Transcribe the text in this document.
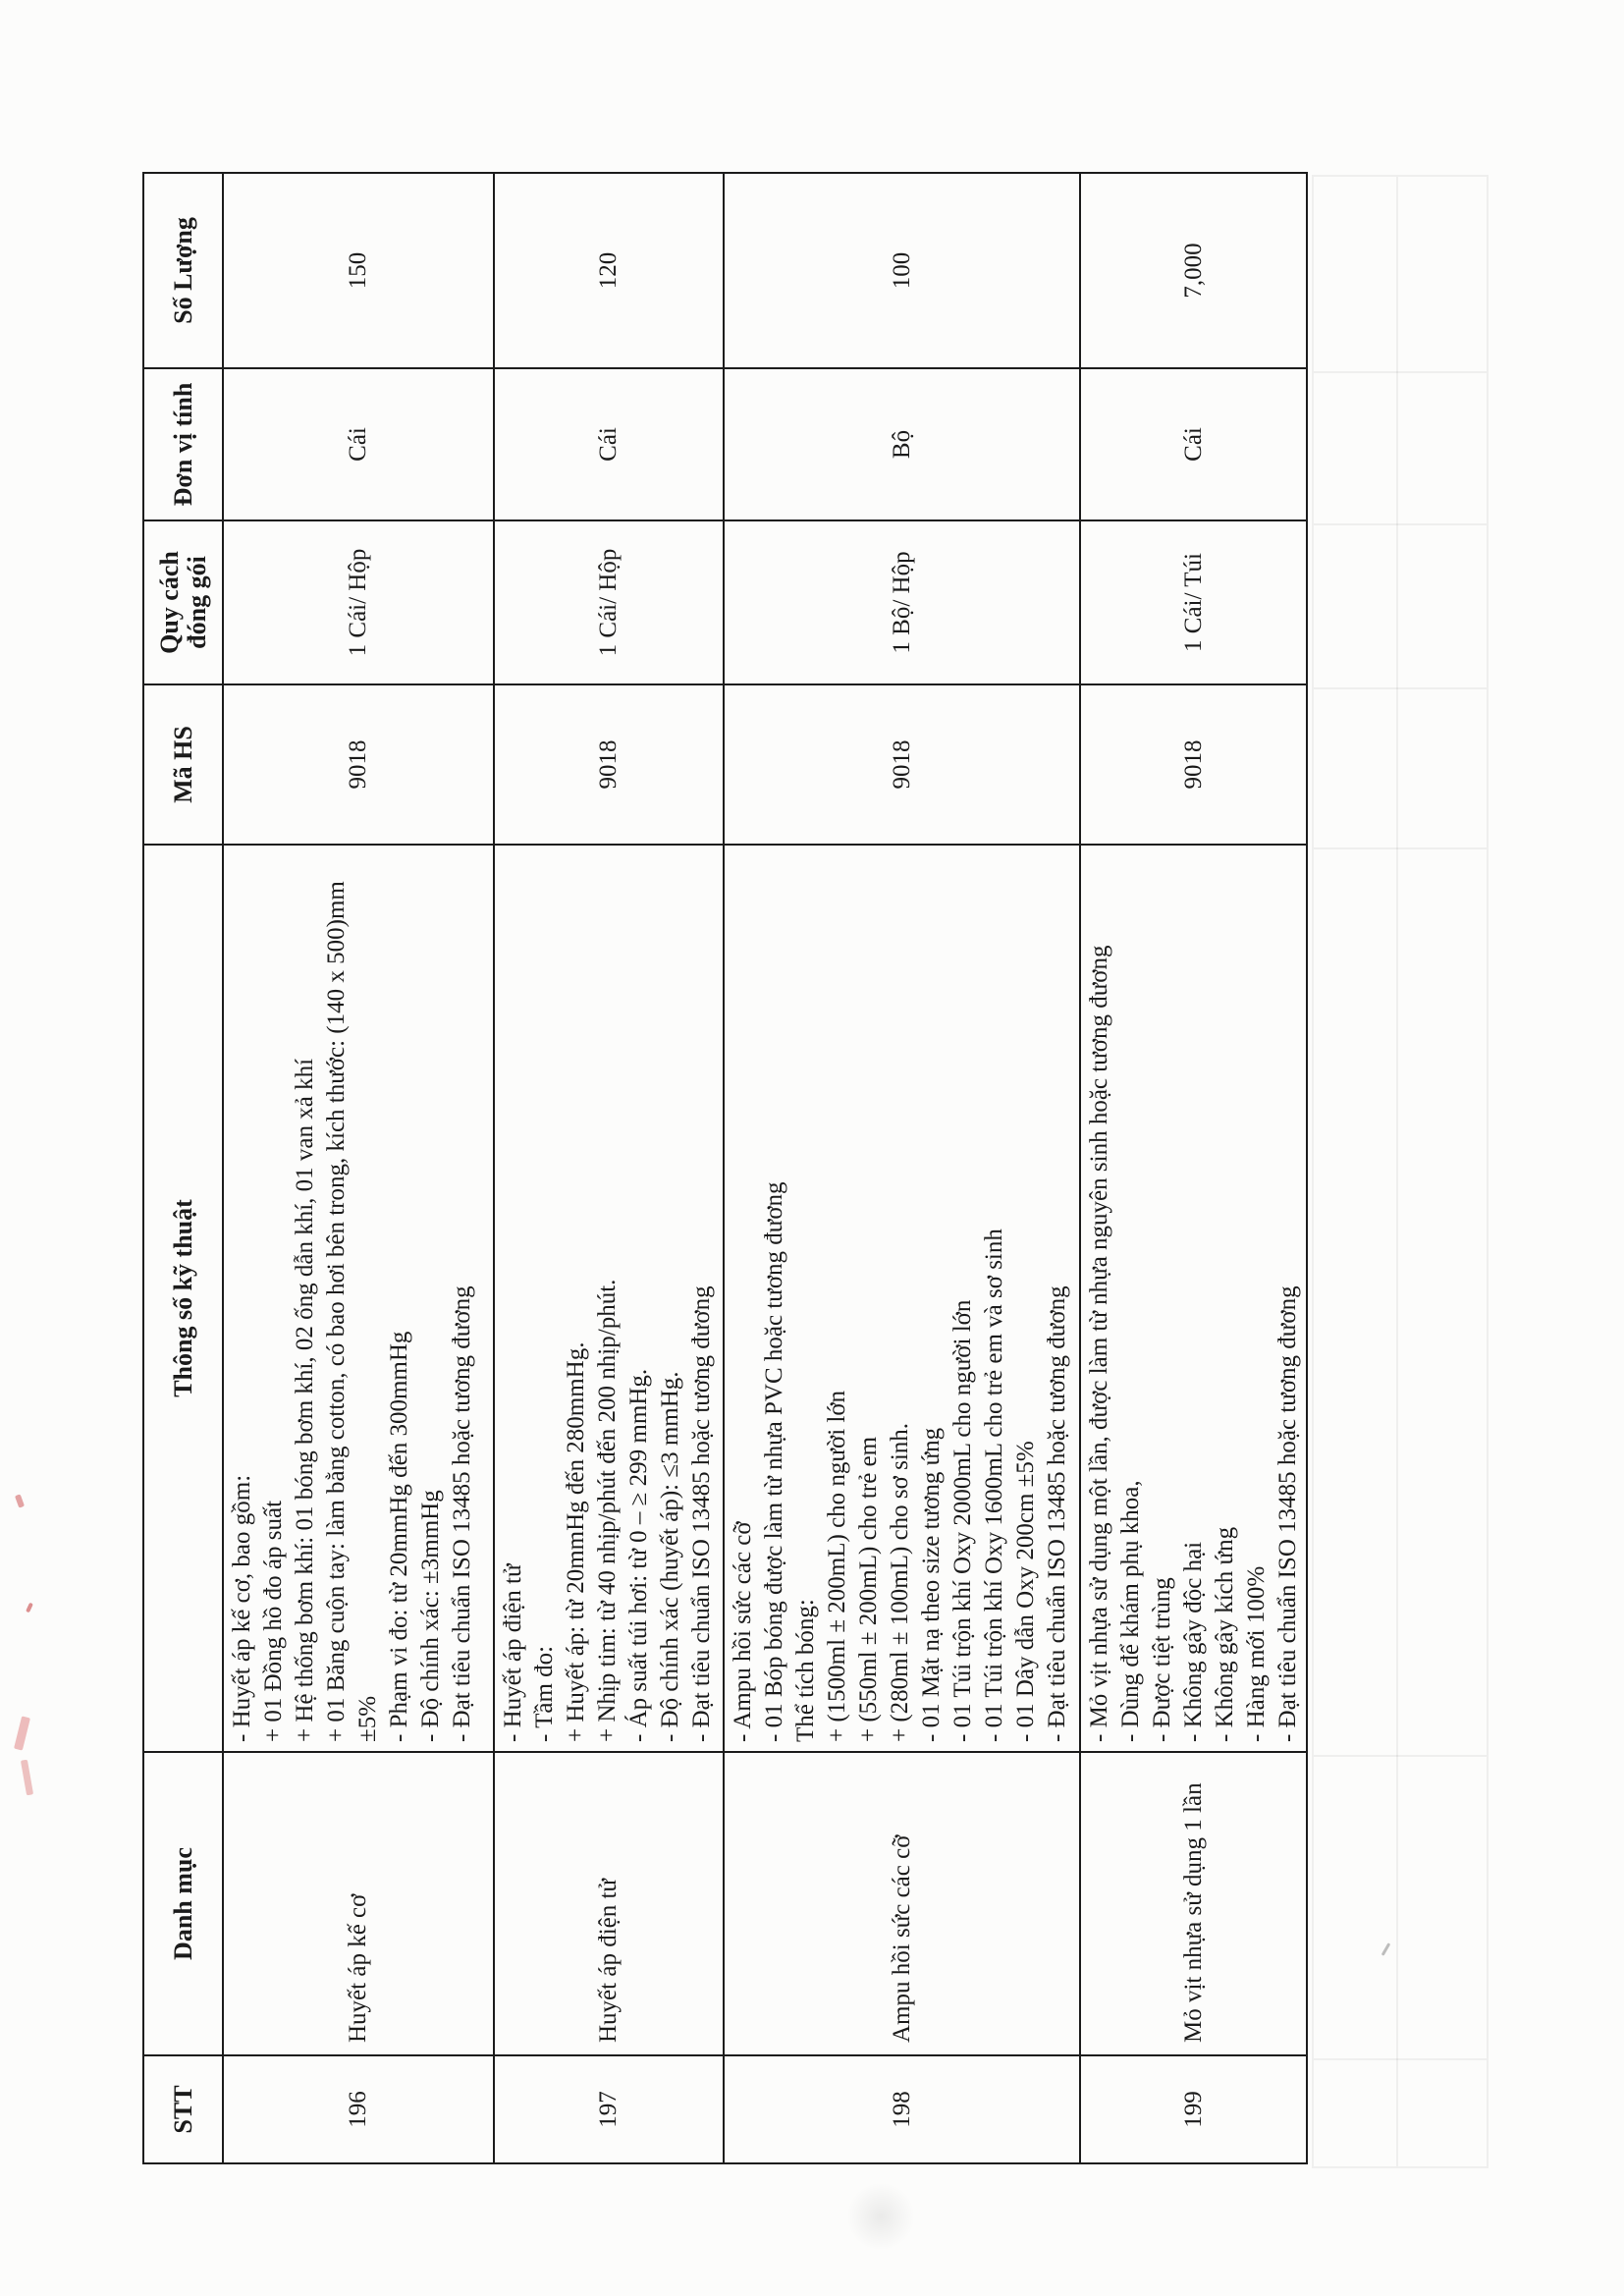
STT
Danh mục
Thông số kỹ thuật
Mã HS
Quy cách đóng gói
Đơn vị tính
Số Lượng
196
Huyết áp kế cơ
- Huyết áp kế cơ, bao gồm: + 01 Đồng hồ đo áp suất + Hệ thống bơm khí: 01 bóng bơm khí, 02 ống dẫn khí, 01 van xả khí + 01 Băng cuộn tay: làm bằng cotton, có bao hơi bên trong, kích thước: (140 x 500)mm ±5% - Phạm vi đo: từ 20mmHg đến 300mmHg - Độ chính xác: ±3mmHg - Đạt tiêu chuẩn ISO 13485 hoặc tương đương
9018
1 Cái/ Hộp
Cái
150
197
Huyết áp điện tử
- Huyết áp điện tử - Tầm đo: + Huyết áp: từ 20mmHg đến 280mmHg. + Nhịp tim: từ 40 nhịp/phút đến 200 nhịp/phút. - Áp suất túi hơi: từ 0 – ≥ 299 mmHg. - Độ chính xác (huyết áp): ≤3 mmHg. - Đạt tiêu chuẩn ISO 13485 hoặc tương đương
9018
1 Cái/ Hộp
Cái
120
198
Ampu hồi sức các cỡ
- Ampu hồi sức các cỡ - 01 Bóp bóng được làm từ nhựa PVC hoặc tương đương Thể tích bóng: + (1500ml ± 200mL) cho người lớn + (550ml ± 200mL) cho trẻ em + (280ml ± 100mL) cho sơ sinh. - 01 Mặt nạ theo size tương ứng - 01 Túi trộn khí Oxy 2000mL cho người lớn - 01 Túi trộn khí Oxy 1600mL cho trẻ em và sơ sinh - 01 Dây dẫn Oxy 200cm ±5% - Đạt tiêu chuẩn ISO 13485 hoặc tương đương
9018
1 Bộ/ Hộp
Bộ
100
199
Mỏ vịt nhựa sử dụng 1 lần
- Mỏ vịt nhựa sử dụng một lần, được làm từ nhựa nguyên sinh hoặc tương đương - Dùng để khám phụ khoa, - Được tiệt trùng - Không gây độc hại - Không gây kích ứng - Hàng mới 100% - Đạt tiêu chuẩn ISO 13485 hoặc tương đương
9018
1 Cái/ Túi
Cái
7,000
